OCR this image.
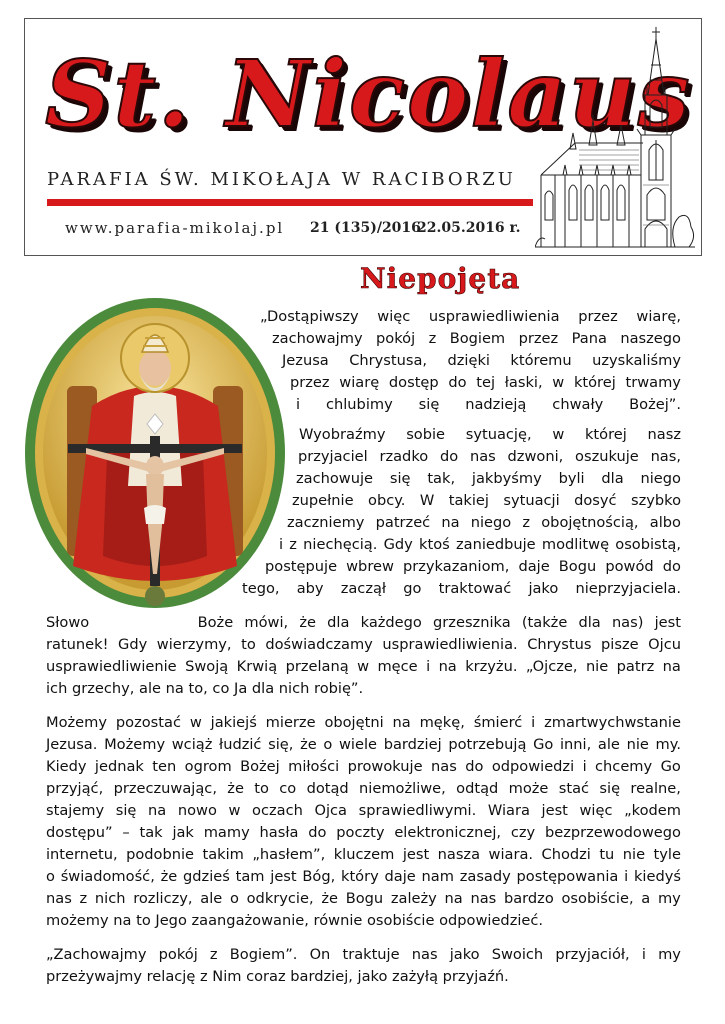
St. Nicolaus
PARAFIA ŚW. MIKOŁAJA W RACIBORZU
www.parafia-mikolaj.pl 21 (135)/2016
22.05.2016 r.
Niepojęta
„Dostąpiwszy więc usprawiedliwienia przez wiarę,
zachowajmy pokój z Bogiem przez Pana naszego
Jezusa Chrystusa, dzięki któremu uzyskaliśmy
przez wiarę dostęp do tej łaski, w której trwamy
i chlubimy się nadzieją chwały Bożej”.
Wyobraźmy sobie sytuację, w której nasz
przyjaciel rzadko do nas dzwoni, oszukuje nas,
zachowuje się tak, jakbyśmy byli dla niego
zupełnie obcy. W takiej sytuacji dosyć szybko
zaczniemy patrzeć na niego z obojętnością, albo
i z niechęcią. Gdy ktoś zaniedbuje modlitwę osobistą,
postępuje wbrew przykazaniom, daje Bogu powód do
tego, aby zaczął go traktować jako nieprzyjaciela.
Słowo	Boże mówi, że dla każdego grzesznika (także dla nas) jest
ratunek! Gdy wierzymy, to doświadczamy usprawiedliwienia. Chrystus pisze Ojcu
usprawiedliwienie Swoją Krwią przelaną w męce i na krzyżu. „Ojcze, nie patrz na
ich grzechy, ale na to, co Ja dla nich robię”.
Możemy pozostać w jakiejś mierze obojętni na mękę, śmierć i zmartwychwstanie
Jezusa. Możemy wciąż łudzić się, że o wiele bardziej potrzebują Go inni, ale nie my.
Kiedy jednak ten ogrom Bożej miłości prowokuje nas do odpowiedzi i chcemy Go
przyjąć, przeczuwając, że to co dotąd niemożliwe, odtąd może stać się realne,
stajemy się na nowo w oczach Ojca sprawiedliwymi. Wiara jest więc „kodem
dostępu” – tak jak mamy hasła do poczty elektronicznej, czy bezprzewodowego
internetu, podobnie takim „hasłem”, kluczem jest nasza wiara. Chodzi tu nie tyle
o świadomość, że gdzieś tam jest Bóg, który daje nam zasady postępowania i kiedyś
nas z nich rozliczy, ale o odkrycie, że Bogu zależy na nas bardzo osobiście, a my
możemy na to Jego zaangażowanie, równie osobiście odpowiedzieć.
„Zachowajmy pokój z Bogiem”. On traktuje nas jako Swoich przyjaciół, i my
przeżywajmy relację z Nim coraz bardziej, jako zażyłą przyjaźń.
